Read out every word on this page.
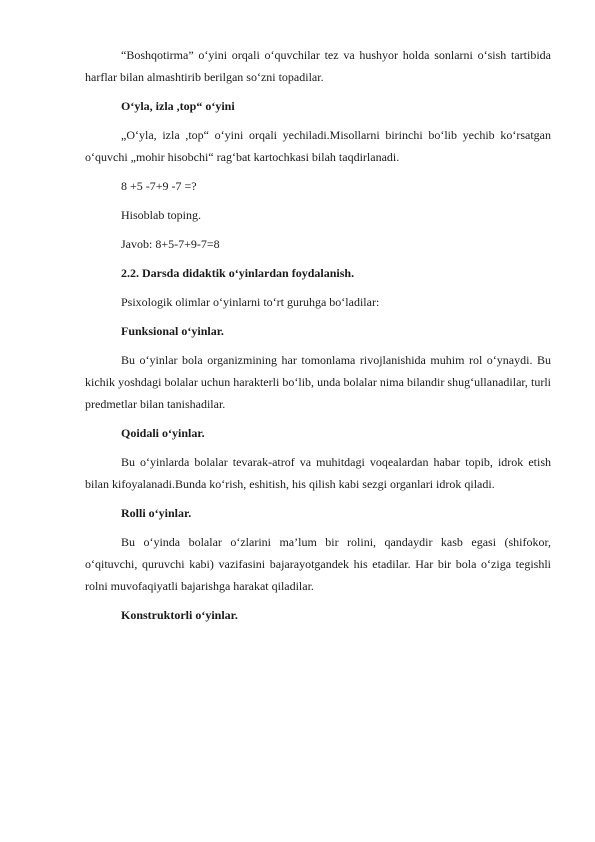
“Boshqotirma” o‘yini orqali o‘quvchilar tez va hushyor holda sonlarni o‘sish tartibida harflar bilan almashtirib berilgan so‘zni topadilar.

O‘yla, izla ,top“ o‘yini

„O‘yla, izla ,top“ o‘yini orqali yechiladi.Misollarni birinchi bo‘lib yechib ko‘rsatgan o‘quvchi „mohir hisobchi“ rag‘bat kartochkasi bilah taqdirlanadi.

8 +5 -7+9 -7 =?

Hisoblab toping.

Javob: 8+5-7+9-7=8

2.2. Darsda didaktik o‘yinlardan foydalanish.

Psixologik olimlar o‘yinlarni to‘rt guruhga bo‘ladilar:

Funksional o‘yinlar.

Bu o‘yinlar bola organizmining har tomonlama rivojlanishida muhim rol o‘ynaydi. Bu kichik yoshdagi bolalar uchun harakterli bo‘lib, unda bolalar nima bilandir shug‘ullanadilar, turli predmetlar bilan tanishadilar.

Qoidali o‘yinlar.

Bu o‘yinlarda bolalar tevarak-atrof va muhitdagi voqealardan habar topib, idrok etish bilan kifoyalanadi.Bunda ko‘rish, eshitish, his qilish kabi sezgi organlari idrok qiladi.

Rolli o‘yinlar.

Bu o‘yinda bolalar o‘zlarini ma’lum bir rolini, qandaydir kasb egasi (shifokor, o‘qituvchi, quruvchi kabi) vazifasini bajarayotgandek his etadilar. Har bir bola o‘ziga tegishli rolni muvofaqiyatli bajarishga harakat qiladilar.

Konstruktorli o‘yinlar.
